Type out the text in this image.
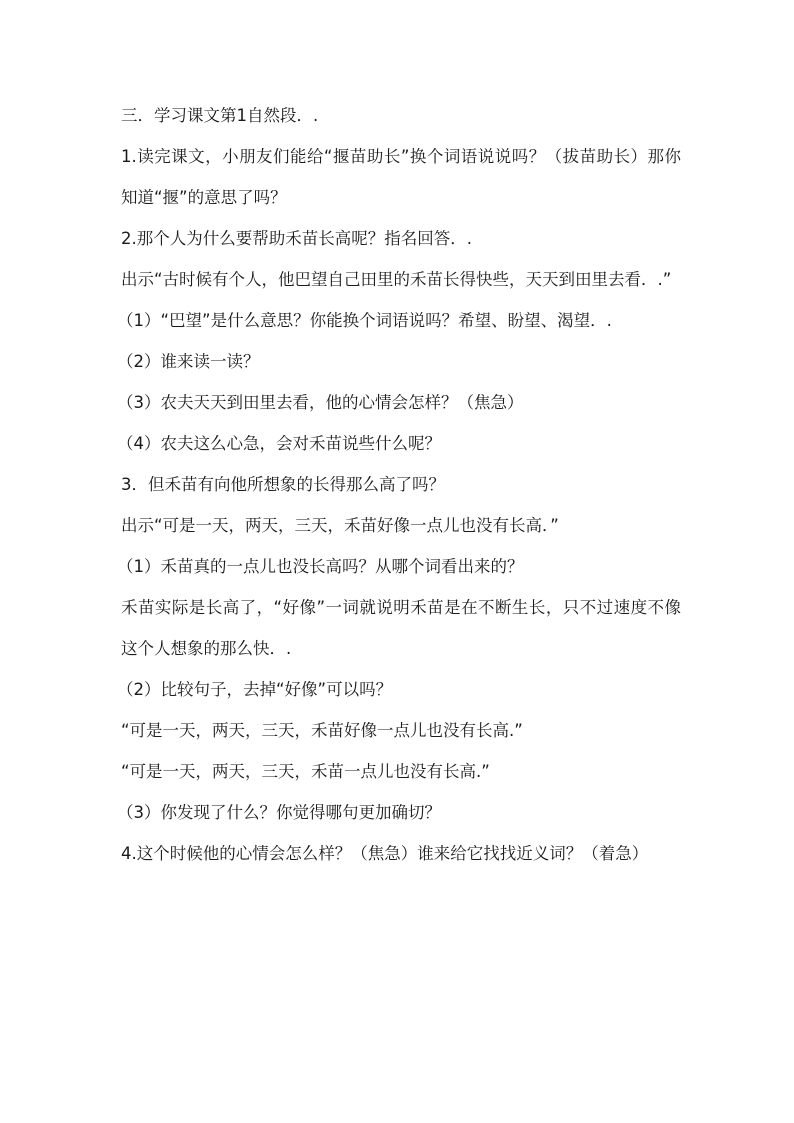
三．学习课文第1自然段．.
1.读完课文，小朋友们能给“揠苗助长”换个词语说说吗？（拔苗助长）那你知道“揠”的意思了吗？
2.那个人为什么要帮助禾苗长高呢？指名回答．.
出示“古时候有个人，他巴望自己田里的禾苗长得快些，天天到田里去看．.”
（1）“巴望”是什么意思？你能换个词语说吗？希望、盼望、渴望．.
（2）谁来读一读？
（3）农夫天天到田里去看，他的心情会怎样？（焦急）
（4）农夫这么心急，会对禾苗说些什么呢？
3．但禾苗有向他所想象的长得那么高了吗？
出示“可是一天，两天，三天，禾苗好像一点儿也没有长高．”
（1）禾苗真的一点儿也没长高吗？从哪个词看出来的？
禾苗实际是长高了，“好像”一词就说明禾苗是在不断生长，只不过速度不像这个人想象的那么快．.
（2）比较句子，去掉“好像”可以吗？
“可是一天，两天，三天，禾苗好像一点儿也没有长高.”
“可是一天，两天，三天，禾苗一点儿也没有长高.”
（3）你发现了什么？你觉得哪句更加确切？
4.这个时候他的心情会怎么样？（焦急）谁来给它找找近义词？（着急）
